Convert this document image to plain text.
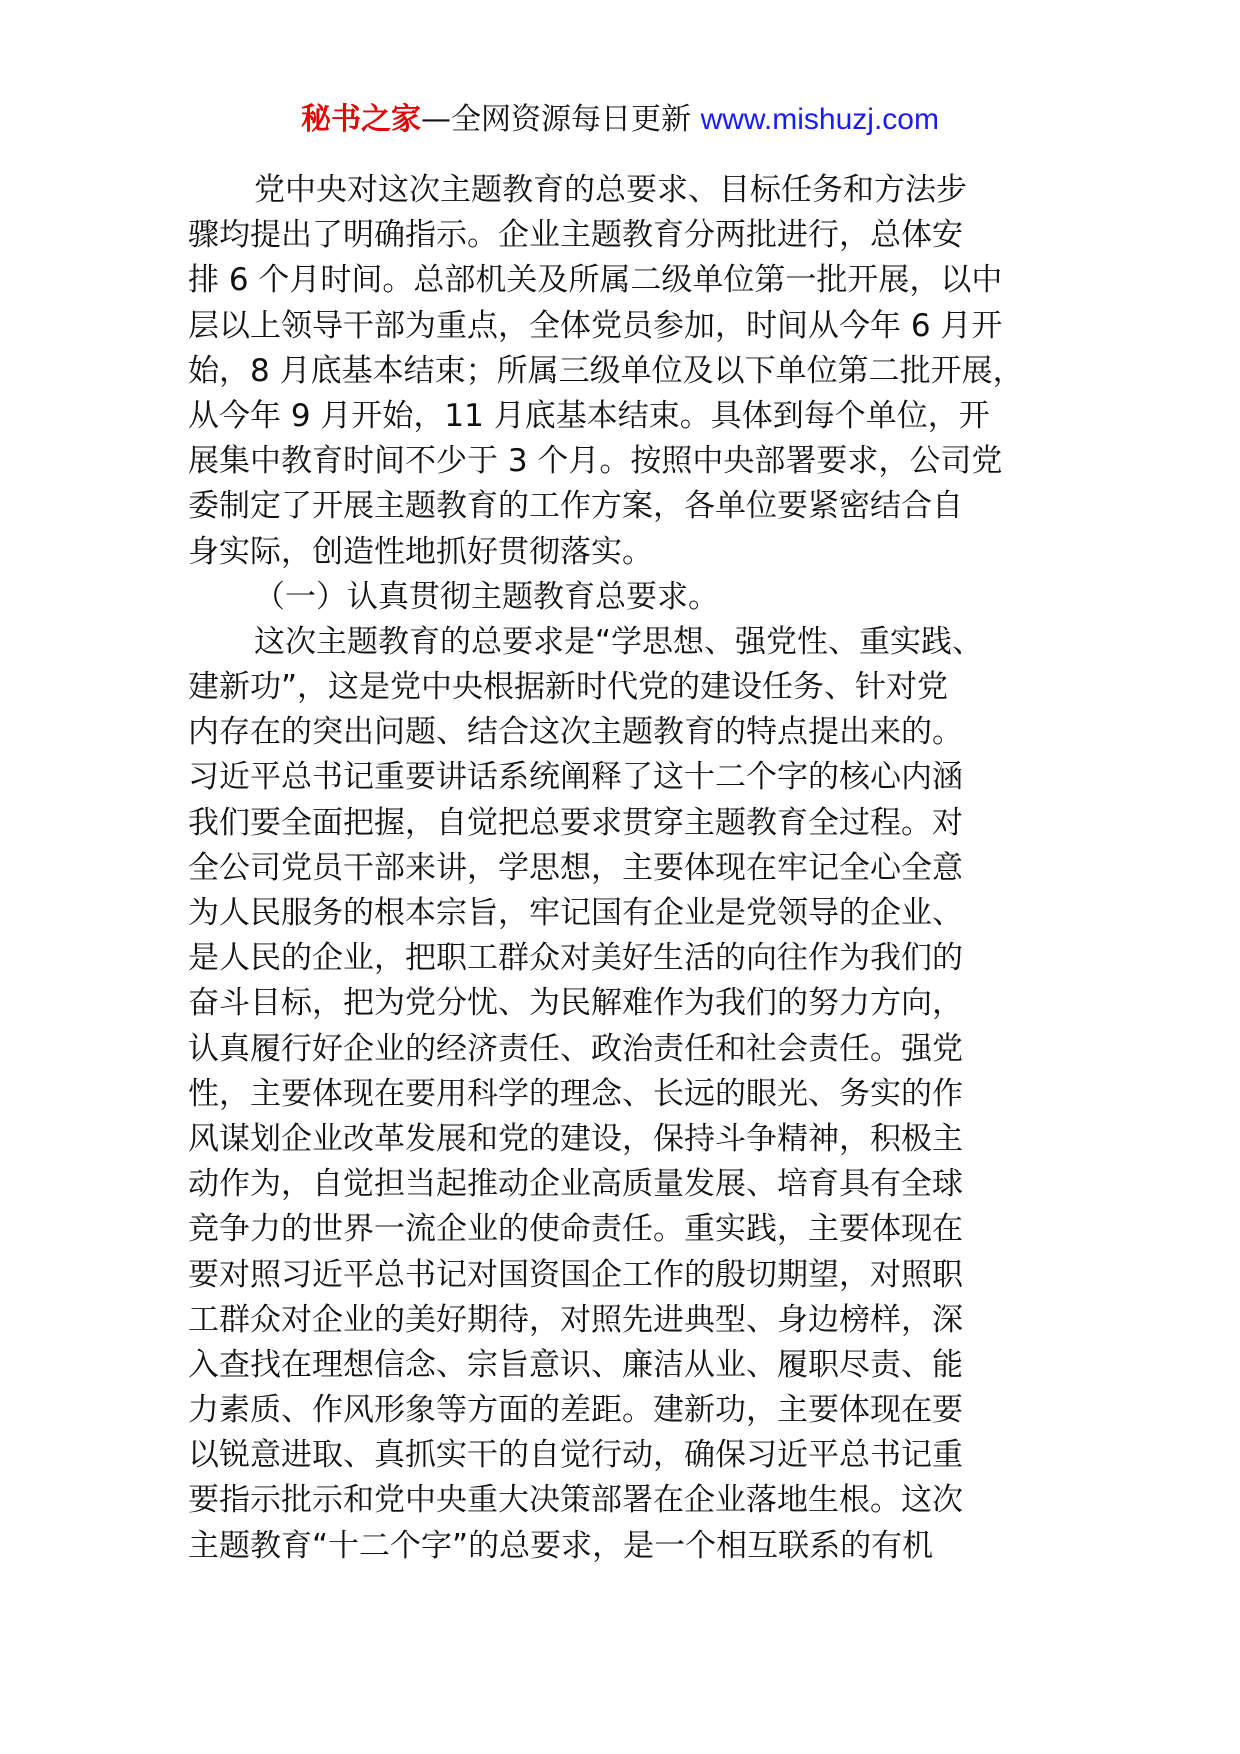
秘书之家—全网资源每日更新 www.mishuzj.com
党中央对这次主题教育的总要求、目标任务和方法步
骤均提出了明确指示。企业主题教育分两批进行，总体安
排 6 个月时间。总部机关及所属二级单位第一批开展，以中
层以上领导干部为重点，全体党员参加，时间从今年 6 月开
始，8 月底基本结束；所属三级单位及以下单位第二批开展，
从今年 9 月开始，11 月底基本结束。具体到每个单位，开
展集中教育时间不少于 3 个月。按照中央部署要求，公司党
委制定了开展主题教育的工作方案，各单位要紧密结合自
身实际，创造性地抓好贯彻落实。
（一）认真贯彻主题教育总要求。
这次主题教育的总要求是“学思想、强党性、重实践、
建新功”，这是党中央根据新时代党的建设任务、针对党
内存在的突出问题、结合这次主题教育的特点提出来的。
习近平总书记重要讲话系统阐释了这十二个字的核心内涵
我们要全面把握，自觉把总要求贯穿主题教育全过程。对
全公司党员干部来讲，学思想，主要体现在牢记全心全意
为人民服务的根本宗旨，牢记国有企业是党领导的企业、
是人民的企业，把职工群众对美好生活的向往作为我们的
奋斗目标，把为党分忧、为民解难作为我们的努力方向，
认真履行好企业的经济责任、政治责任和社会责任。强党
性，主要体现在要用科学的理念、长远的眼光、务实的作
风谋划企业改革发展和党的建设，保持斗争精神，积极主
动作为，自觉担当起推动企业高质量发展、培育具有全球
竞争力的世界一流企业的使命责任。重实践，主要体现在
要对照习近平总书记对国资国企工作的殷切期望，对照职
工群众对企业的美好期待，对照先进典型、身边榜样，深
入查找在理想信念、宗旨意识、廉洁从业、履职尽责、能
力素质、作风形象等方面的差距。建新功，主要体现在要
以锐意进取、真抓实干的自觉行动，确保习近平总书记重
要指示批示和党中央重大决策部署在企业落地生根。这次
主题教育“十二个字”的总要求，是一个相互联系的有机
